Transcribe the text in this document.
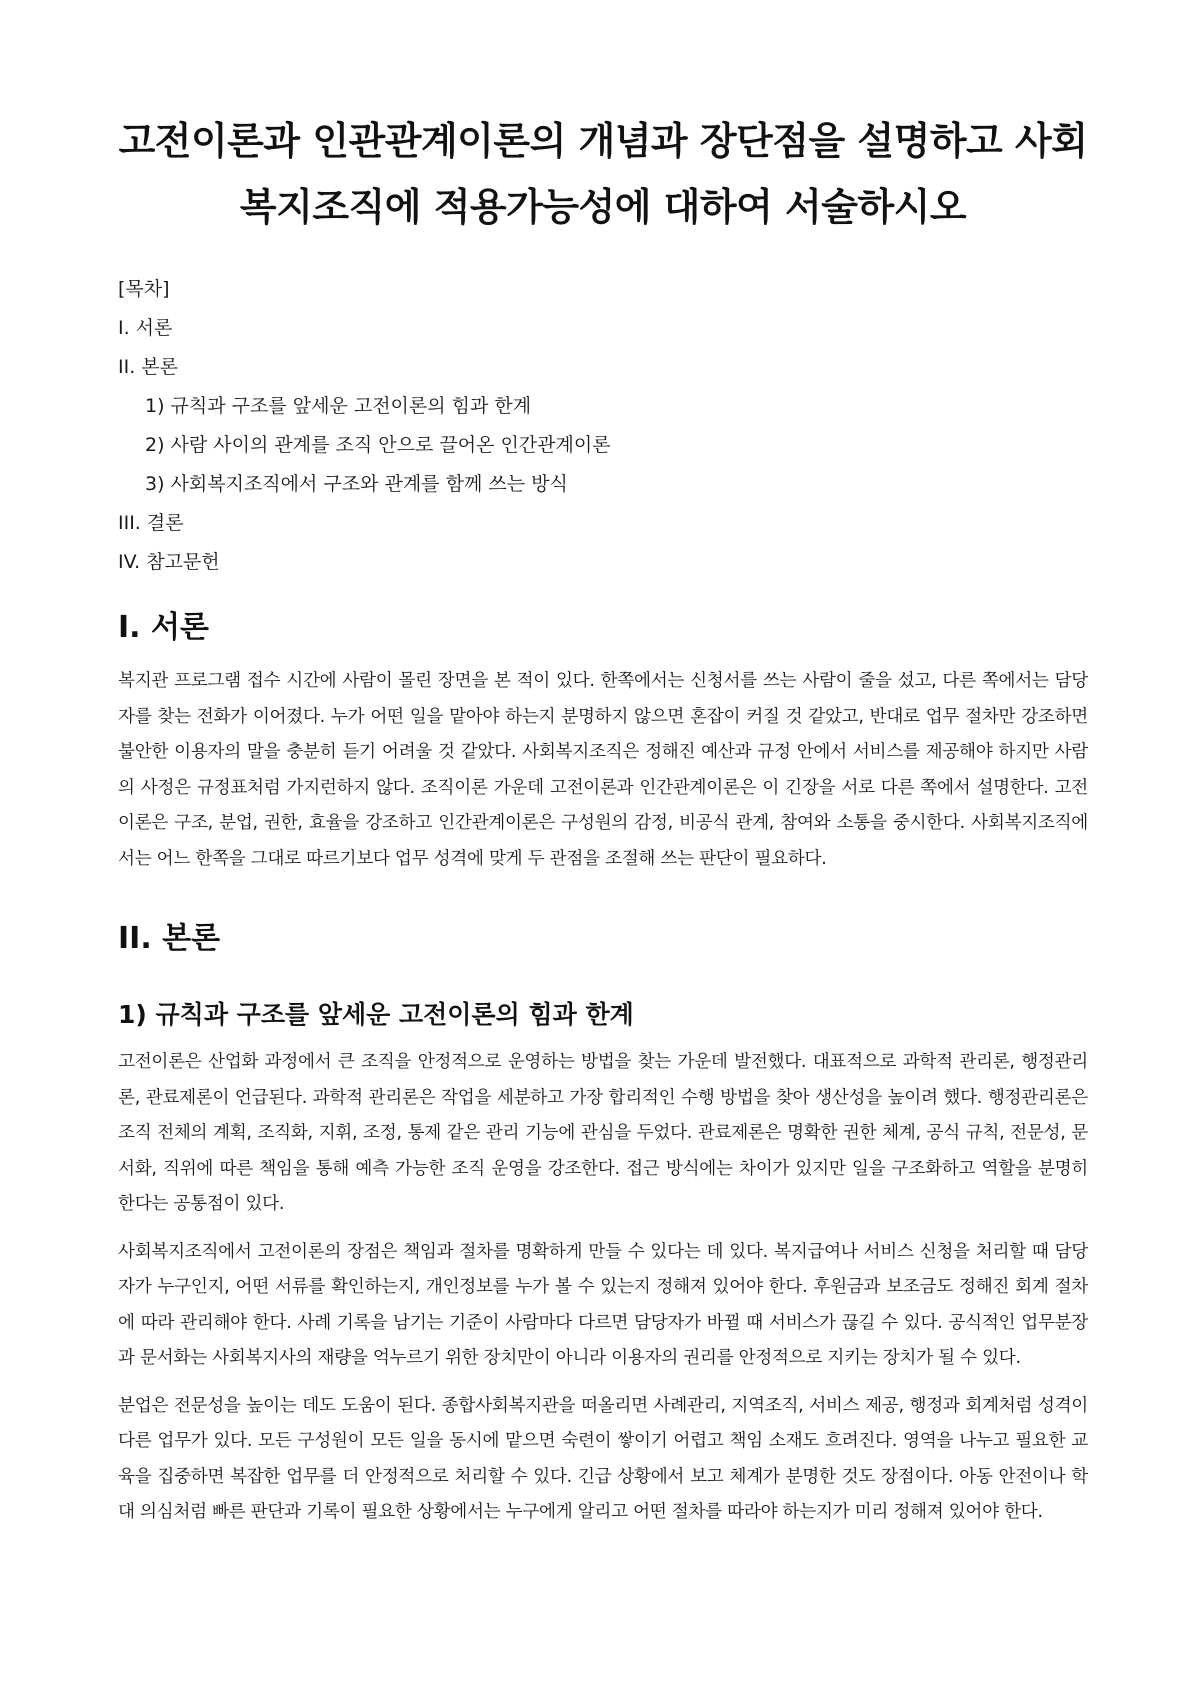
고전이론과 인관관계이론의 개념과 장단점을 설명하고 사회복지조직에 적용가능성에 대하여 서술하시오
[목차]
I. 서론
II. 본론
1) 규칙과 구조를 앞세운 고전이론의 힘과 한계
2) 사람 사이의 관계를 조직 안으로 끌어온 인간관계이론
3) 사회복지조직에서 구조와 관계를 함께 쓰는 방식
III. 결론
IV. 참고문헌
I. 서론

복지관 프로그램 접수 시간에 사람이 몰린 장면을 본 적이 있다. 한쪽에서는 신청서를 쓰는 사람이 줄을 섰고, 다른 쪽에서는 담당자를 찾는 전화가 이어졌다. 누가 어떤 일을 맡아야 하는지 분명하지 않으면 혼잡이 커질 것 같았고, 반대로 업무 절차만 강조하면 불안한 이용자의 말을 충분히 듣기 어려울 것 같았다. 사회복지조직은 정해진 예산과 규정 안에서 서비스를 제공해야 하지만 사람의 사정은 규정표처럼 가지런하지 않다. 조직이론 가운데 고전이론과 인간관계이론은 이 긴장을 서로 다른 쪽에서 설명한다. 고전이론은 구조, 분업, 권한, 효율을 강조하고 인간관계이론은 구성원의 감정, 비공식 관계, 참여와 소통을 중시한다. 사회복지조직에서는 어느 한쪽을 그대로 따르기보다 업무 성격에 맞게 두 관점을 조절해 쓰는 판단이 필요하다.

II. 본론
1) 규칙과 구조를 앞세운 고전이론의 힘과 한계

고전이론은 산업화 과정에서 큰 조직을 안정적으로 운영하는 방법을 찾는 가운데 발전했다. 대표적으로 과학적 관리론, 행정관리론, 관료제론이 언급된다. 과학적 관리론은 작업을 세분하고 가장 합리적인 수행 방법을 찾아 생산성을 높이려 했다. 행정관리론은 조직 전체의 계획, 조직화, 지휘, 조정, 통제 같은 관리 기능에 관심을 두었다. 관료제론은 명확한 권한 체계, 공식 규칙, 전문성, 문서화, 직위에 따른 책임을 통해 예측 가능한 조직 운영을 강조한다. 접근 방식에는 차이가 있지만 일을 구조화하고 역할을 분명히 한다는 공통점이 있다.

사회복지조직에서 고전이론의 장점은 책임과 절차를 명확하게 만들 수 있다는 데 있다. 복지급여나 서비스 신청을 처리할 때 담당자가 누구인지, 어떤 서류를 확인하는지, 개인정보를 누가 볼 수 있는지 정해져 있어야 한다. 후원금과 보조금도 정해진 회계 절차에 따라 관리해야 한다. 사례 기록을 남기는 기준이 사람마다 다르면 담당자가 바뀔 때 서비스가 끊길 수 있다. 공식적인 업무분장과 문서화는 사회복지사의 재량을 억누르기 위한 장치만이 아니라 이용자의 권리를 안정적으로 지키는 장치가 될 수 있다.

분업은 전문성을 높이는 데도 도움이 된다. 종합사회복지관을 떠올리면 사례관리, 지역조직, 서비스 제공, 행정과 회계처럼 성격이 다른 업무가 있다. 모든 구성원이 모든 일을 동시에 맡으면 숙련이 쌓이기 어렵고 책임 소재도 흐려진다. 영역을 나누고 필요한 교육을 집중하면 복잡한 업무를 더 안정적으로 처리할 수 있다. 긴급 상황에서 보고 체계가 분명한 것도 장점이다. 아동 안전이나 학대 의심처럼 빠른 판단과 기록이 필요한 상황에서는 누구에게 알리고 어떤 절차를 따라야 하는지가 미리 정해져 있어야 한다.
